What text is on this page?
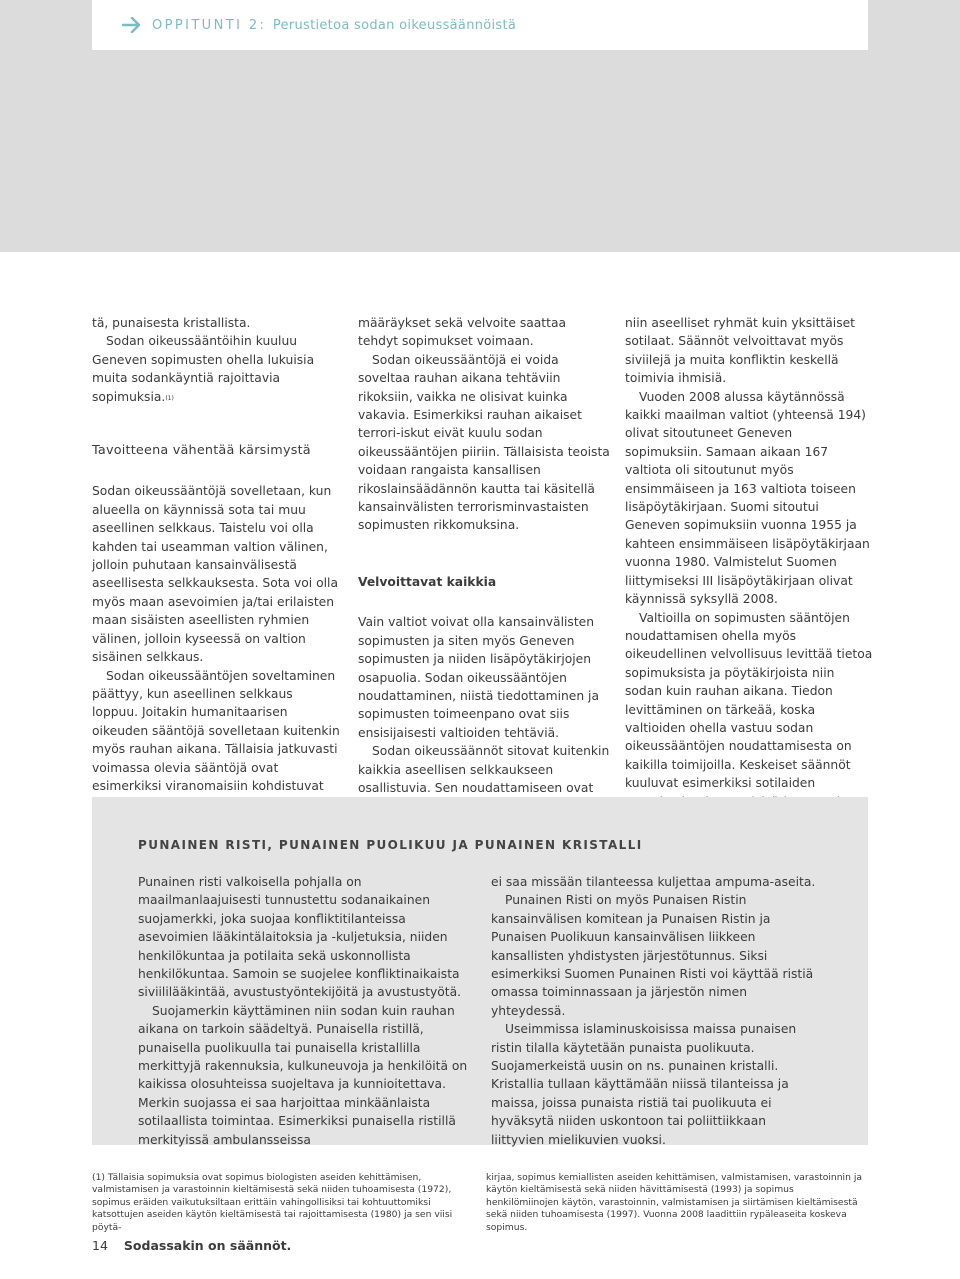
OPPITUNTI 2: Perustietoa sodan oikeussäännöistä

tä, punaisesta kristallista.

Sodan oikeussääntöihin kuuluu Geneven sopimusten ohella lukuisia muita sodankäyntiä rajoittavia sopimuksia.$^{(1)}$

Tavoitteena vähentää kärsimystä

Sodan oikeussääntöjä sovelletaan, kun alueella on käynnissä sota tai muu aseellinen selkkaus. Taistelu voi olla kahden tai useamman valtion välinen, jolloin puhutaan kansainvälisestä aseellisesta selkkauksesta. Sota voi olla myös maan asevoimien ja/tai erilaisten maan sisäisten aseellisten ryhmien välinen, jolloin kyseessä on valtion sisäinen selkkaus.

Sodan oikeussääntöjen soveltaminen päättyy, kun aseellinen selkkaus loppuu. Joitakin humanitaarisen oikeuden sääntöjä sovelletaan kuitenkin myös rauhan aikana. Tällaisia jatkuvasti voimassa olevia sääntöjä ovat esimerkiksi viranomaisiin kohdistuvat

määräykset sekä velvoite saattaa tehdyt sopimukset voimaan.

Sodan oikeussääntöjä ei voida soveltaa rauhan aikana tehtäviin rikoksiin, vaikka ne olisivat kuinka vakavia. Esimerkiksi rauhan aikaiset terrori-iskut eivät kuulu sodan oikeussääntöjen piiriin. Tällaisista teoista voidaan rangaista kansallisen rikoslainsäädännön kautta tai käsitellä kansainvälisten terrorisminvastaisten sopimusten rikkomuksina.

Velvoittavat kaikkia

Vain valtiot voivat olla kansainvälisten sopimusten ja siten myös Geneven sopimusten ja niiden lisäpöytäkirjojen osapuolia. Sodan oikeussääntöjen noudattaminen, niistä tiedottaminen ja sopimusten toimeenpano ovat siis ensisijaisesti valtioiden tehtäviä.

Sodan oikeussäännöt sitovat kuitenkin kaikkia aseellisen selkkaukseen osallistuvia. Sen noudattamiseen ovat

niin aseelliset ryhmät kuin yksittäiset sotilaat. Säännöt velvoittavat myös siviilejä ja muita konfliktin keskellä toimivia ihmisiä.

Vuoden 2008 alussa käytännössä kaikki maailman valtiot (yhteensä 194) olivat sitoutuneet Geneven sopimuksiin. Samaan aikaan 167 valtiota oli sitoutunut myös ensimmäiseen ja 163 valtiota toiseen lisäpöytäkirjaan. Suomi sitoutui Geneven sopimuksiin vuonna 1955 ja kahteen ensimmäiseen lisäpöytäkirjaan vuonna 1980. Valmistelut Suomen liittymiseksi III lisäpöytäkirjaan olivat käynnissä syksyllä 2008.

Valtioilla on sopimusten sääntöjen noudattamisen ohella myös oikeudellinen velvollisuus levittää tietoa sopimuksista ja pöytäkirjoista niin sodan kuin rauhan aikana. Tiedon levittäminen on tärkeää, koska valtioiden ohella vastuu sodan oikeussääntöjen noudattamisesta on kaikilla toimijoilla. Keskeiset säännöt kuuluvat esimerkiksi sotilaiden

PUNAINEN RISTI, PUNAINEN PUOLIKUU JA PUNAINEN KRISTALLI

Punainen risti valkoisella pohjalla on maailmanlaajuisesti tunnustettu sodanaikainen suojamerkki, joka suojaa konfliktitilanteissa asevoimien lääkintälaitoksia ja -kuljetuksia, niiden henkilökuntaa ja potilaita sekä uskonnollista henkilökuntaa. Samoin se suojelee konfliktinaikaista siviililääkintää, avustustyöntekijöitä ja avustustyötä.

Suojamerkin käyttäminen niin sodan kuin rauhan aikana on tarkoin säädeltyä. Punaisella ristillä, punaisella puolikuulla tai punaisella kristallilla merkittyjä rakennuksia, kulkuneuvoja ja henkilöitä on kaikissa olosuhteissa suojeltava ja kunnioitettava. Merkin suojassa ei saa harjoittaa minkäänlaista sotilaallista toimintaa. Esimerkiksi punaisella ristillä merkityissä ambulansseissa

ei saa missään tilanteessa kuljettaa ampuma-aseita.

Punainen Risti on myös Punaisen Ristin kansainvälisen komitean ja Punaisen Ristin ja Punaisen Puolikuun kansainvälisen liikkeen kansallisten yhdistysten järjestötunnus. Siksi esimerkiksi Suomen Punainen Risti voi käyttää ristiä omassa toiminnassaan ja järjestön nimen yhteydessä.

Useimmissa islaminuskoisissa maissa punaisen ristin tilalla käytetään punaista puolikuuta. Suojamerkeistä uusin on ns. punainen kristalli. Kristallia tullaan käyttämään niissä tilanteissa ja maissa, joissa punaista ristiä tai puolikuuta ei hyväksytä niiden uskontoon tai poliittiikkaan liittyvien mielikuvien vuoksi.

(1) Tällaisia sopimuksia ovat sopimus biologisten aseiden kehittämisen, valmistamisen ja varastoinnin kieltämisestä sekä niiden tuhoamisesta (1972), sopimus eräiden vaikutuksiltaan erittäin vahingollisiksi tai kohtuuttomiksi katsottujen aseiden käytön kieltämisestä tai rajoittamisesta (1980) ja sen viisi pöytä-

kirjaa, sopimus kemiallisten aseiden kehittämisen, valmistamisen, varastoinnin ja käytön kieltämisestä sekä niiden hävittämisestä (1993) ja sopimus henkilömiinojen käytön, varastoinnin, valmistamisen ja siirtämisen kieltämisestä sekä niiden tuhoamisesta (1997). Vuonna 2008 laadittiin rypäleaseita koskeva sopimus.

14 Sodassakin on säännöt.
